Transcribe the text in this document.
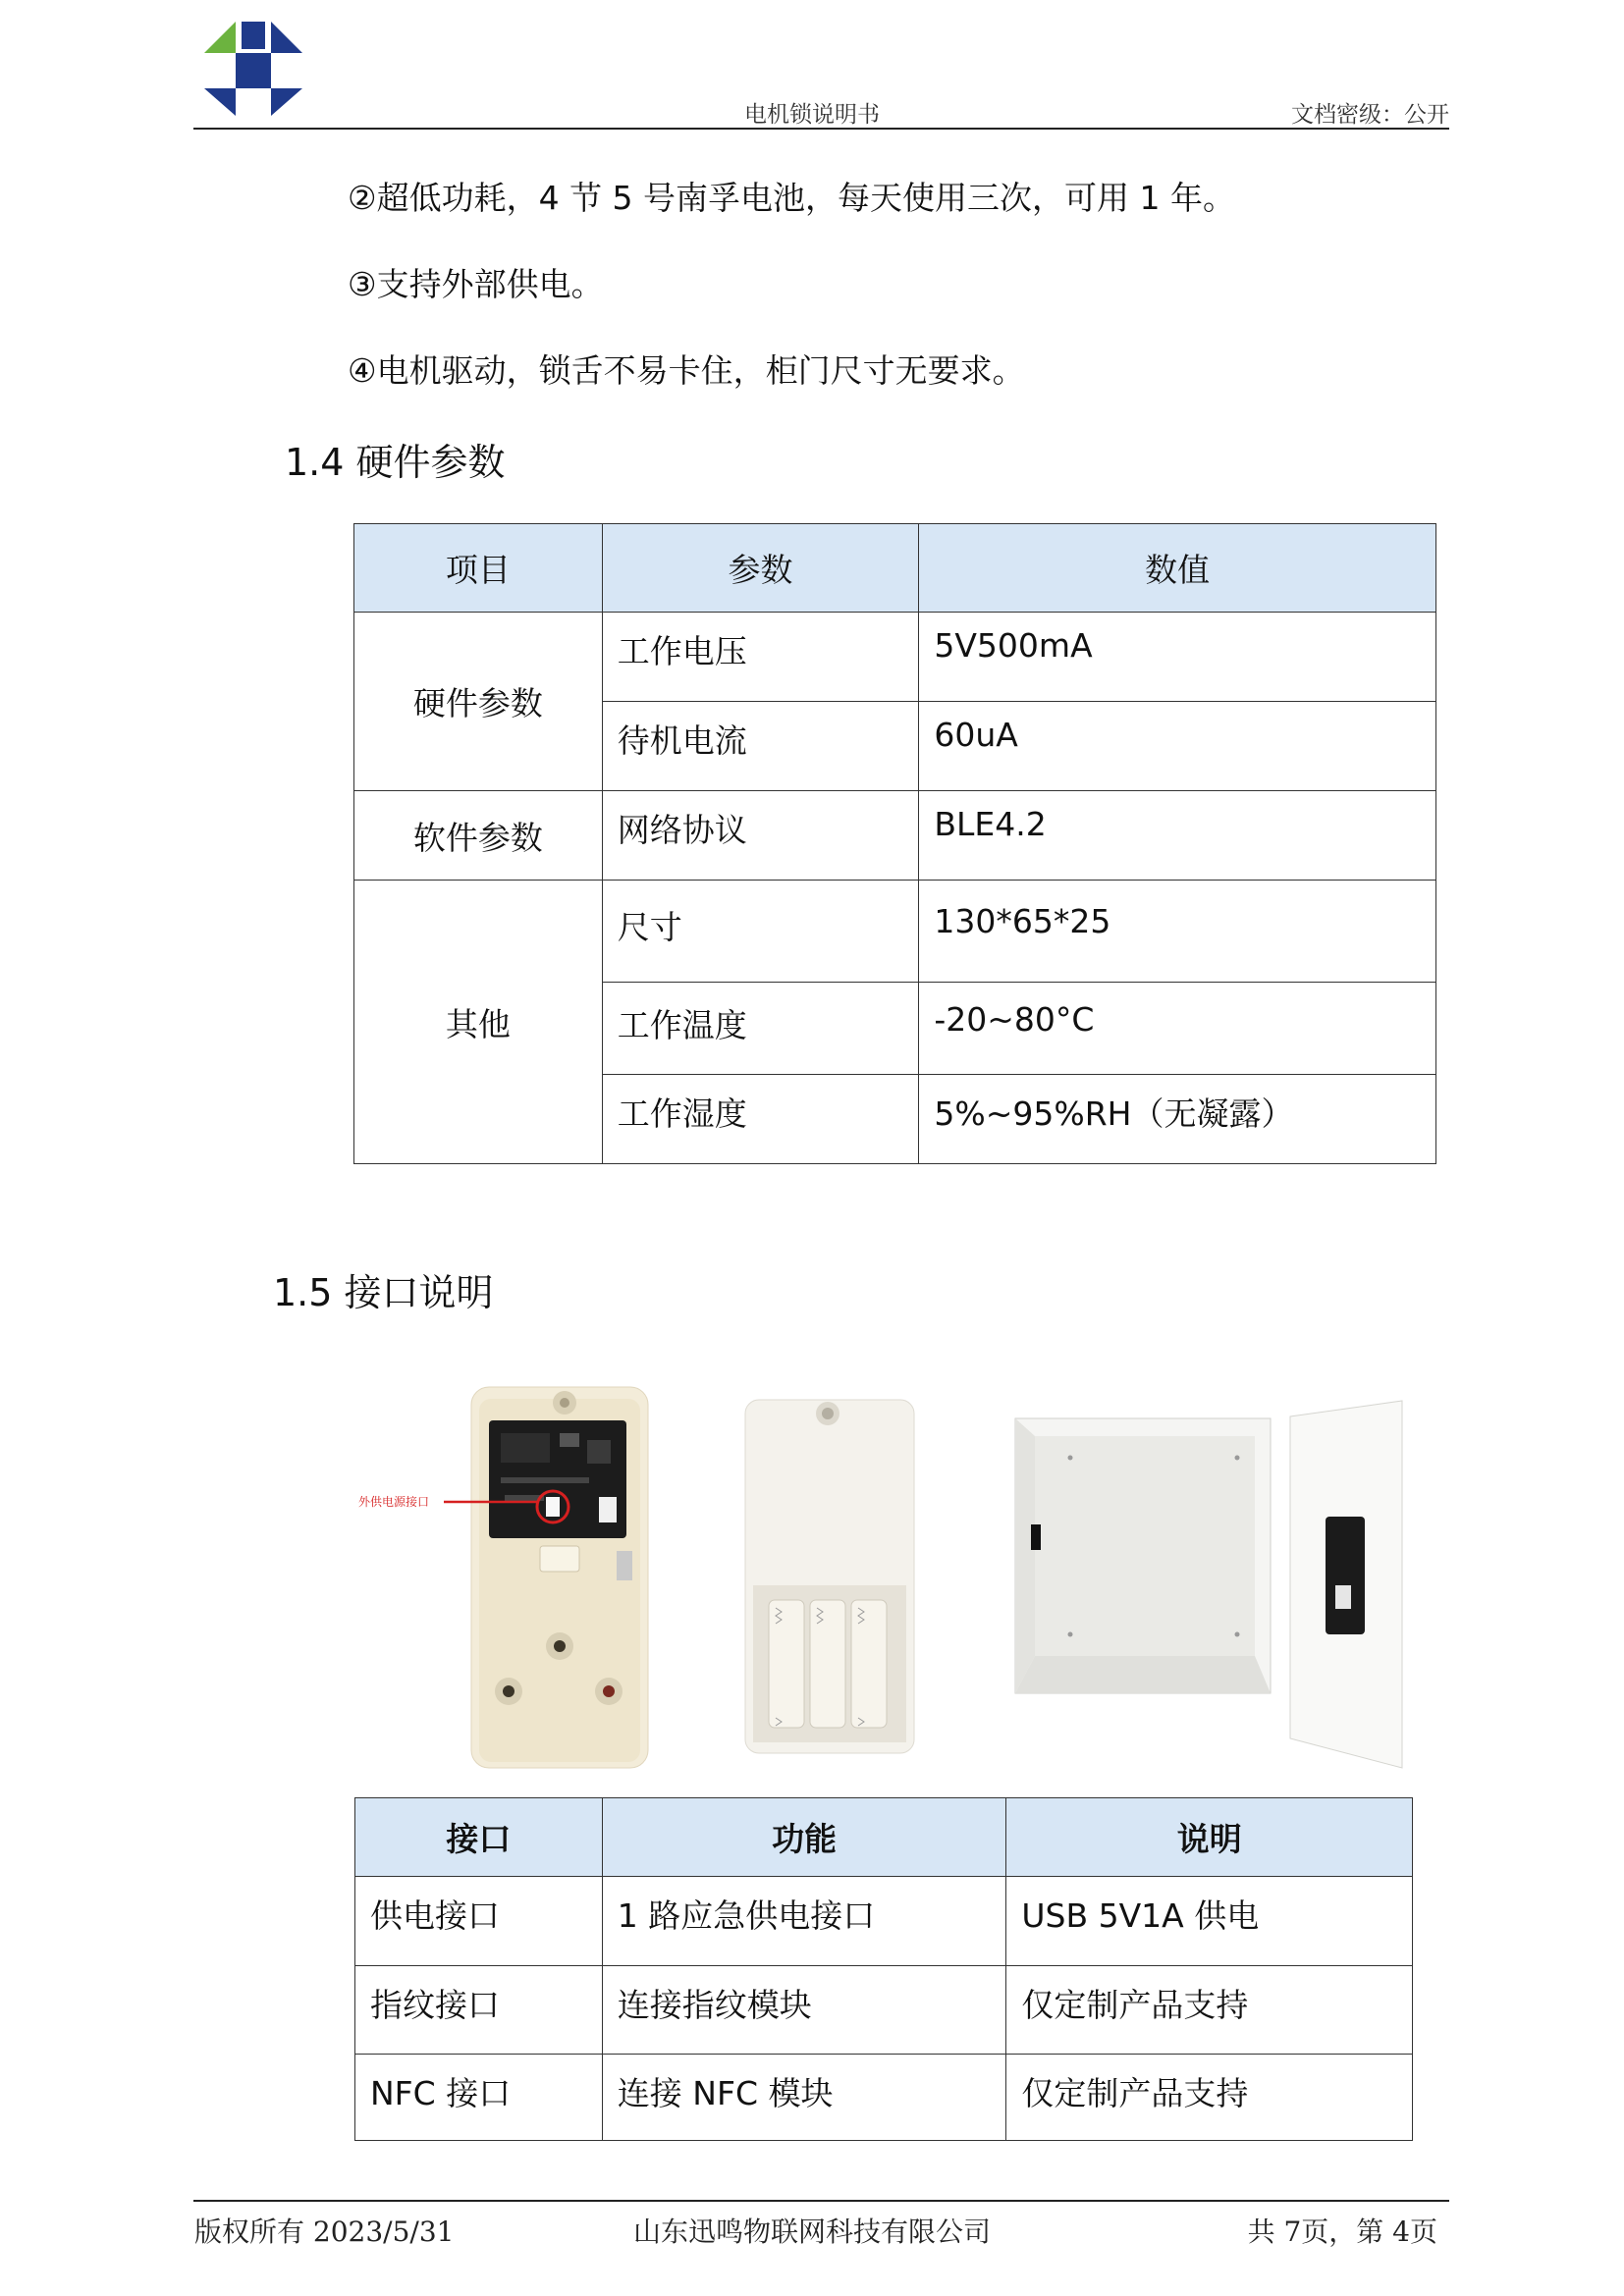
电机锁说明书	文档密级：公开
②超低功耗，4 节 5 号南孚电池，每天使用三次，可用 1 年。
③支持外部供电。
④电机驱动，锁舌不易卡住，柜门尺寸无要求。
1.4 硬件参数
项目	参数	数值
硬件参数	工作电压	5V500mA
	待机电流	60uA
软件参数	网络协议	BLE4.2
其他	尺寸	130*65*25
	工作温度	-20~80°C
	工作湿度	5%~95%RH（无凝露）
1.5 接口说明
外供电源接口
接口	功能	说明
供电接口	1 路应急供电接口	USB 5V1A 供电
指纹接口	连接指纹模块	仅定制产品支持
NFC 接口	连接 NFC 模块	仅定制产品支持
版权所有 2023/5/31	山东迅鸣物联网科技有限公司	共 7页，第 4页
